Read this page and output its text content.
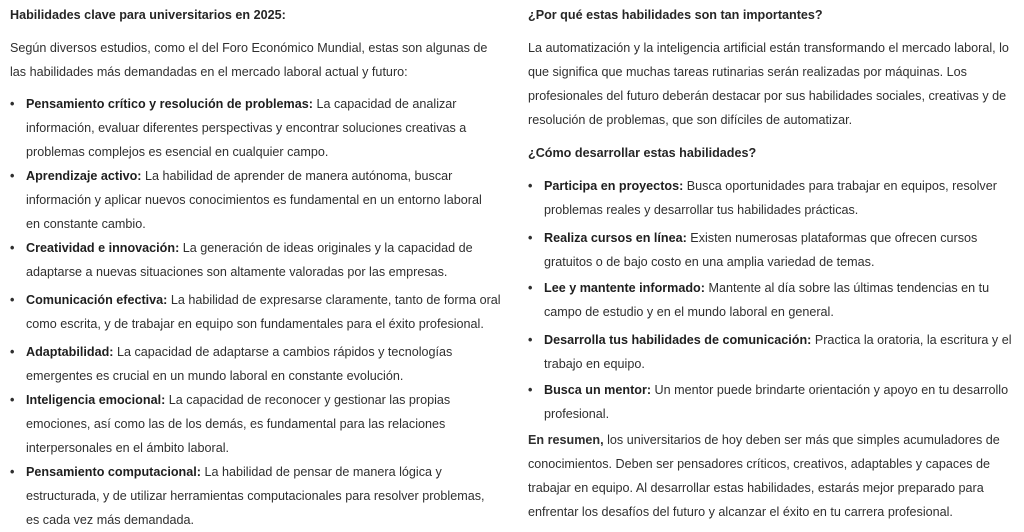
Habilidades clave para universitarios en 2025:
Según diversos estudios, como el del Foro Económico Mundial, estas son algunas de
las habilidades más demandadas en el mercado laboral actual y futuro:
• Pensamiento crítico y resolución de problemas: La capacidad de analizar
información, evaluar diferentes perspectivas y encontrar soluciones creativas a
problemas complejos es esencial en cualquier campo.
• Aprendizaje activo: La habilidad de aprender de manera autónoma, buscar
información y aplicar nuevos conocimientos es fundamental en un entorno laboral
en constante cambio.
• Creatividad e innovación: La generación de ideas originales y la capacidad de
adaptarse a nuevas situaciones son altamente valoradas por las empresas.
• Comunicación efectiva: La habilidad de expresarse claramente, tanto de forma oral
como escrita, y de trabajar en equipo son fundamentales para el éxito profesional.
• Adaptabilidad: La capacidad de adaptarse a cambios rápidos y tecnologías
emergentes es crucial en un mundo laboral en constante evolución.
• Inteligencia emocional: La capacidad de reconocer y gestionar las propias
emociones, así como las de los demás, es fundamental para las relaciones
interpersonales en el ámbito laboral.
• Pensamiento computacional: La habilidad de pensar de manera lógica y
estructurada, y de utilizar herramientas computacionales para resolver problemas,
es cada vez más demandada.
¿Por qué estas habilidades son tan importantes?
La automatización y la inteligencia artificial están transformando el mercado laboral, lo
que significa que muchas tareas rutinarias serán realizadas por máquinas. Los
profesionales del futuro deberán destacar por sus habilidades sociales, creativas y de
resolución de problemas, que son difíciles de automatizar.
¿Cómo desarrollar estas habilidades?
• Participa en proyectos: Busca oportunidades para trabajar en equipos, resolver
problemas reales y desarrollar tus habilidades prácticas.
• Realiza cursos en línea: Existen numerosas plataformas que ofrecen cursos
gratuitos o de bajo costo en una amplia variedad de temas.
• Lee y mantente informado: Mantente al día sobre las últimas tendencias en tu
campo de estudio y en el mundo laboral en general.
• Desarrolla tus habilidades de comunicación: Practica la oratoria, la escritura y el
trabajo en equipo.
• Busca un mentor: Un mentor puede brindarte orientación y apoyo en tu desarrollo
profesional.
En resumen, los universitarios de hoy deben ser más que simples acumuladores de
conocimientos. Deben ser pensadores críticos, creativos, adaptables y capaces de
trabajar en equipo. Al desarrollar estas habilidades, estarás mejor preparado para
enfrentar los desafíos del futuro y alcanzar el éxito en tu carrera profesional.
